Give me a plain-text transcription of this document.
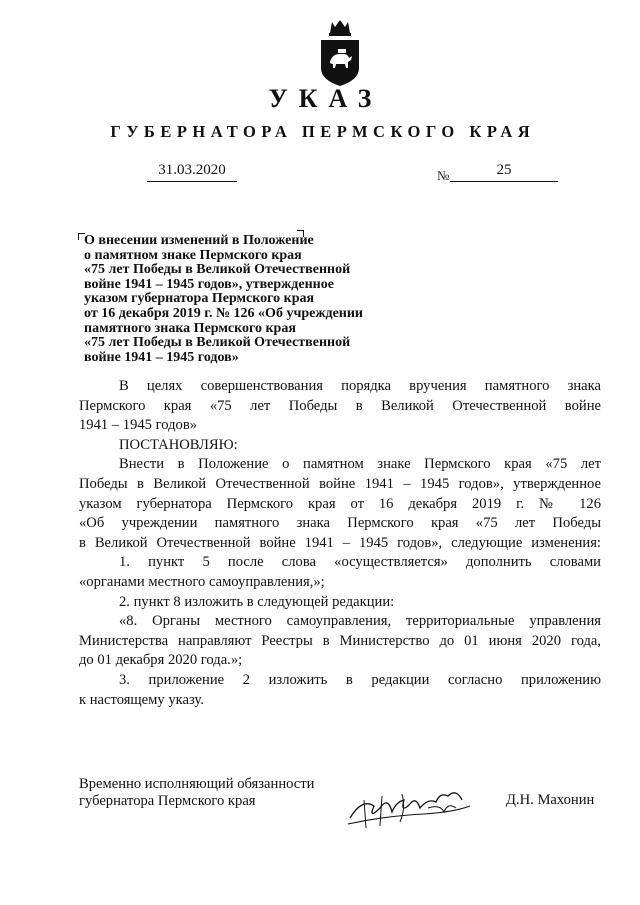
УКАЗ
ГУБЕРНАТОРА ПЕРМСКОГО КРАЯ
31.03.2020	№	25
О внесении изменений в Положение
о памятном знаке Пермского края
«75 лет Победы в Великой Отечественной
войне 1941 – 1945 годов», утвержденное
указом губернатора Пермского края
от 16 декабря 2019 г. № 126 «Об учреждении
памятного знака Пермского края
«75 лет Победы в Великой Отечественной
войне 1941 – 1945 годов»
В целях совершенствования порядка вручения памятного знака
Пермского края «75 лет Победы в Великой Отечественной войне
1941 – 1945 годов»
ПОСТАНОВЛЯЮ:
Внести в Положение о памятном знаке Пермского края «75 лет
Победы в Великой Отечественной войне 1941 – 1945 годов», утвержденное
указом губернатора Пермского края от 16 декабря 2019 г. № 126
«Об учреждении памятного знака Пермского края «75 лет Победы
в Великой Отечественной войне 1941 – 1945 годов», следующие изменения:
1. пункт 5 после слова «осуществляется» дополнить словами
«органами местного самоуправления,»;
2. пункт 8 изложить в следующей редакции:
«8. Органы местного самоуправления, территориальные управления
Министерства направляют Реестры в Министерство до 01 июня 2020 года,
до 01 декабря 2020 года.»;
3. приложение 2 изложить в редакции согласно приложению
к настоящему указу.
Временно исполняющий обязанности
губернатора Пермского края	Д.Н. Махонин
